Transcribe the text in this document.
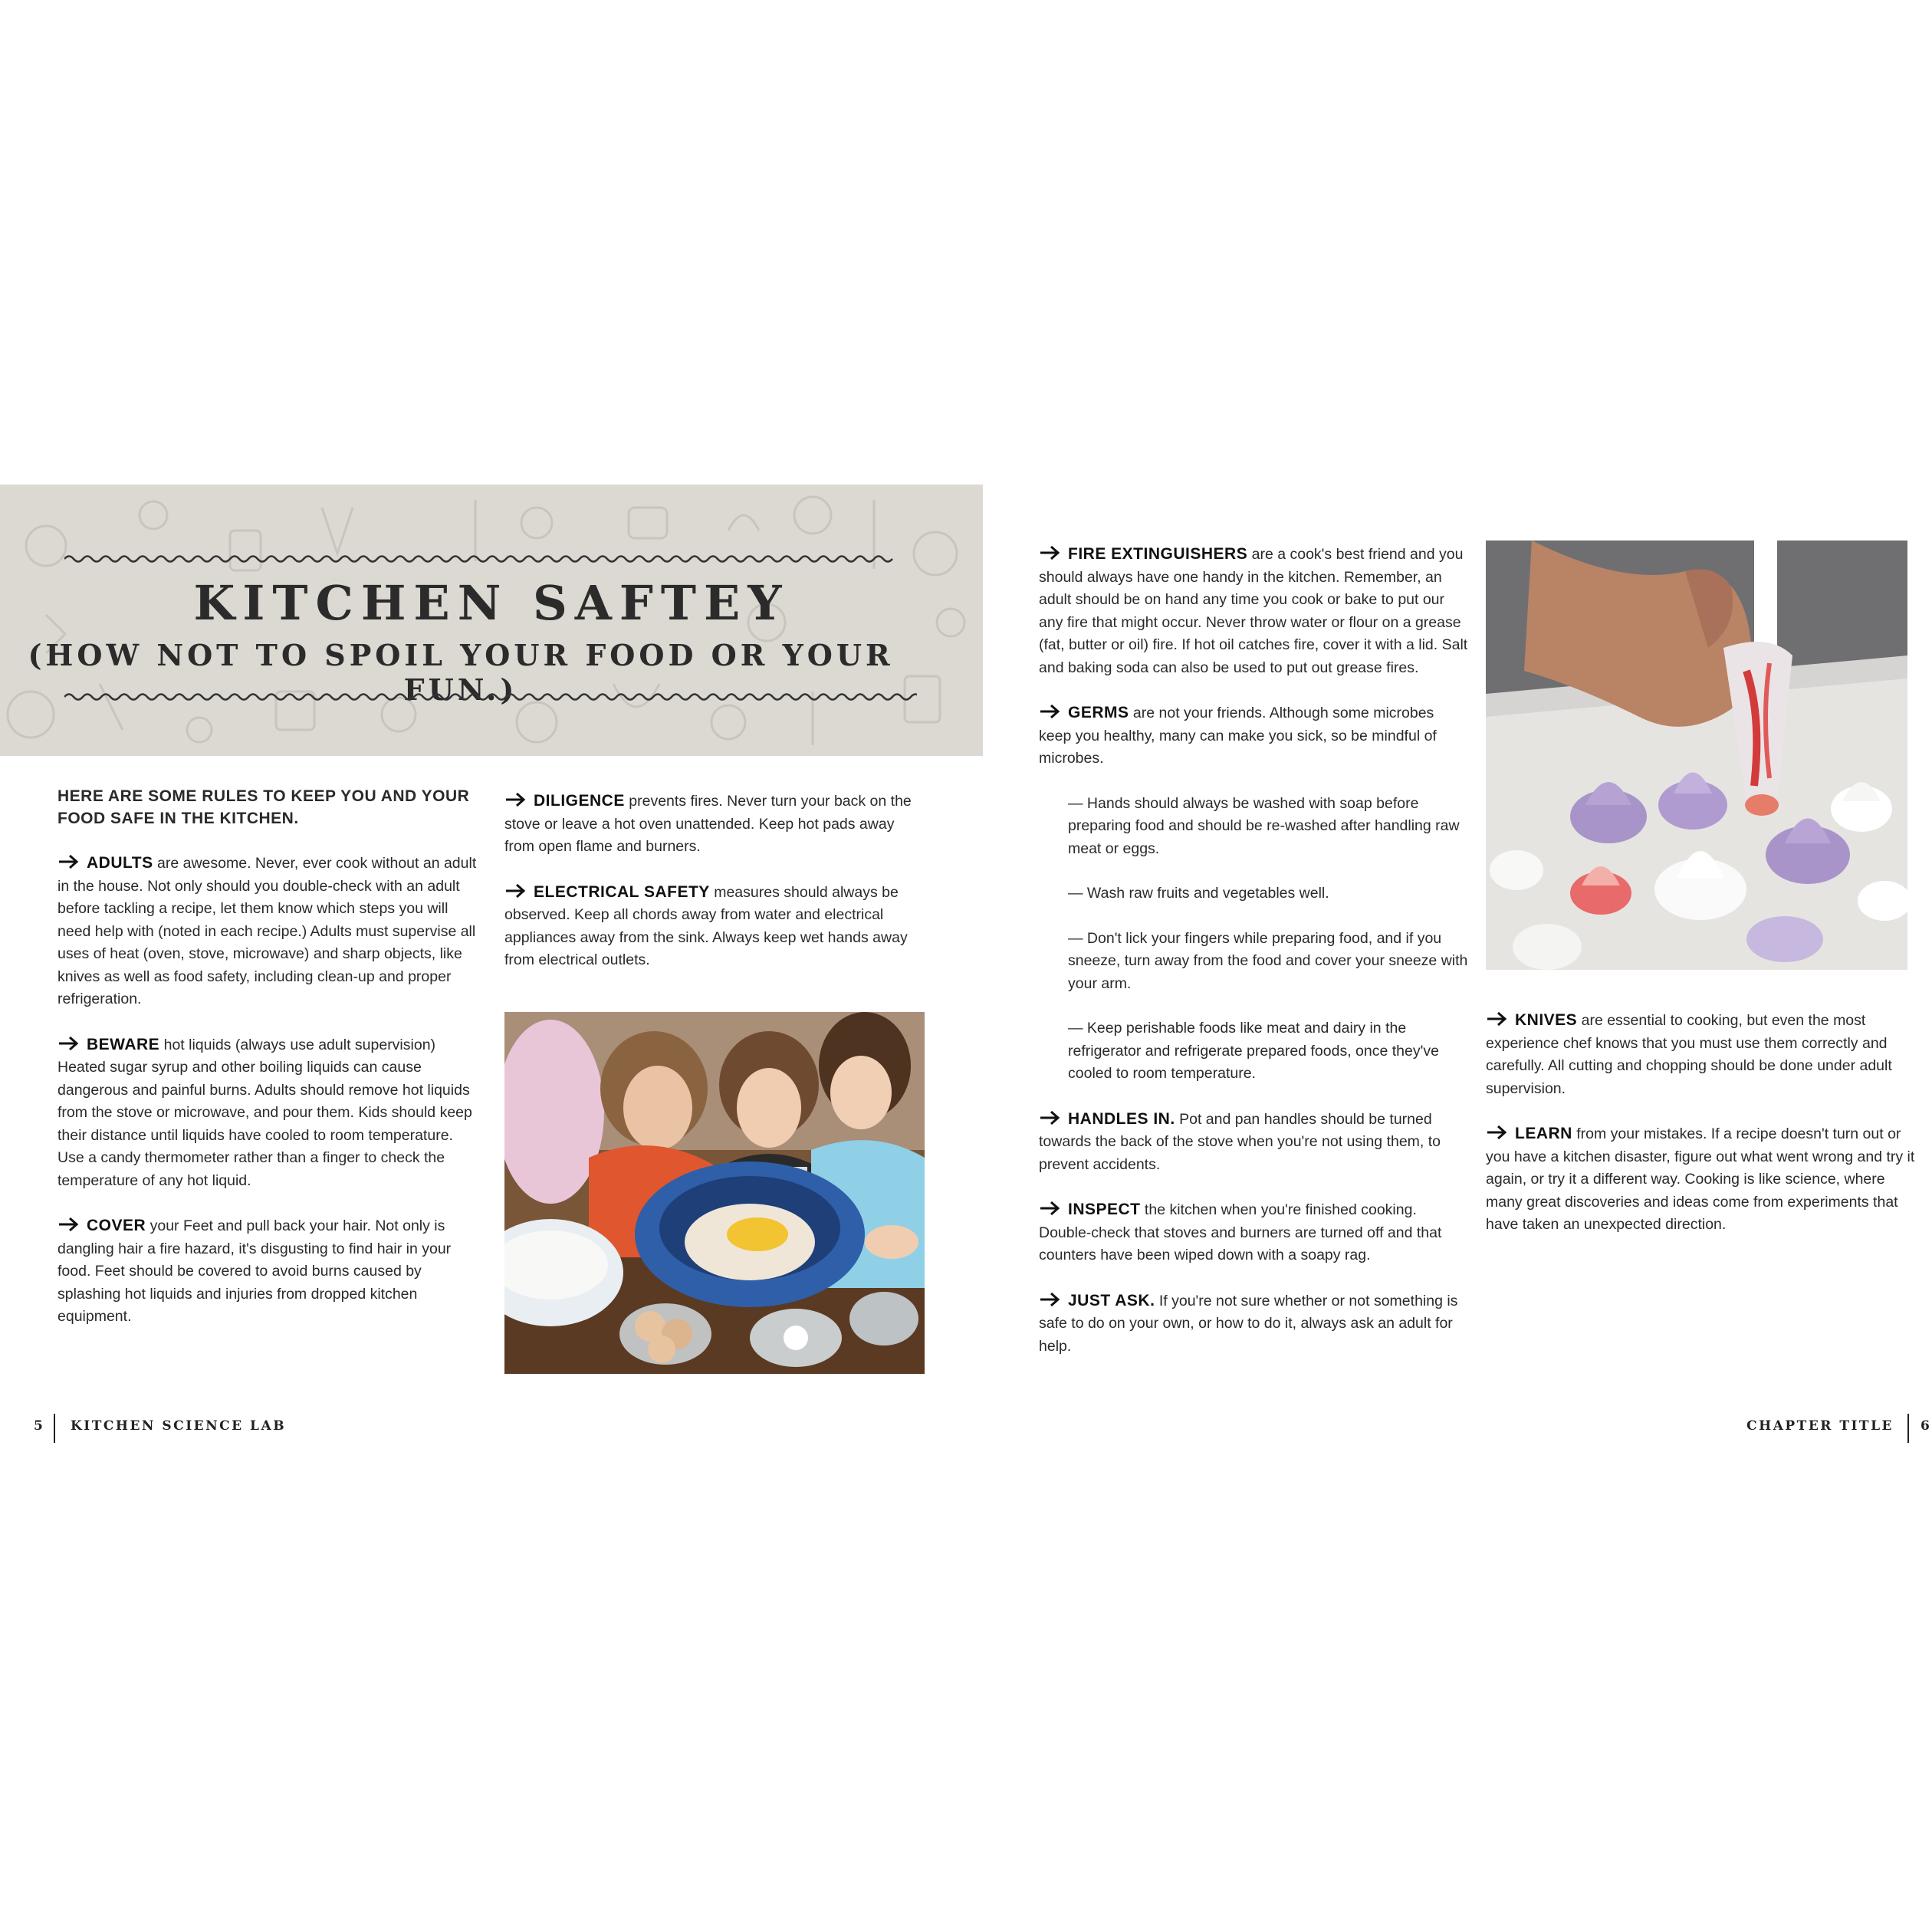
KITCHEN SAFTEY
(HOW NOT TO SPOIL YOUR FOOD OR YOUR FUN.)

HERE ARE SOME RULES TO KEEP YOU AND YOUR FOOD SAFE IN THE KITCHEN.

ADULTS are awesome. Never, ever cook without an adult in the house. Not only should you double-check with an adult before tackling a recipe, let them know which steps you will need help with (noted in each recipe.) Adults must supervise all uses of heat (oven, stove, microwave) and sharp objects, like knives as well as food safety, including clean-up and proper refrigeration.

BEWARE hot liquids (always use adult supervision) Heated sugar syrup and other boiling liquids can cause dangerous and painful burns. Adults should remove hot liquids from the stove or microwave, and pour them. Kids should keep their distance until liquids have cooled to room temperature. Use a candy thermometer rather than a finger to check the temperature of any hot liquid.

COVER your Feet and pull back your hair. Not only is dangling hair a fire hazard, it's disgusting to find hair in your food. Feet should be covered to avoid burns caused by splashing hot liquids and injuries from dropped kitchen equipment.

DILIGENCE prevents fires. Never turn your back on the stove or leave a hot oven unattended. Keep hot pads away from open flame and burners.

ELECTRICAL SAFETY measures should always be observed. Keep all chords away from water and electrical appliances away from the sink. Always keep wet hands away from electrical outlets.

FIRE EXTINGUISHERS are a cook's best friend and you should always have one handy in the kitchen. Remember, an adult should be on hand any time you cook or bake to put our any fire that might occur. Never throw water or flour on a grease (fat, butter or oil) fire. If hot oil catches fire, cover it with a lid. Salt and baking soda can also be used to put out grease fires.

GERMS are not your friends. Although some microbes keep you healthy, many can make you sick, so be mindful of microbes.

— Hands should always be washed with soap before preparing food and should be re-washed after handling raw meat or eggs.

— Wash raw fruits and vegetables well.

— Don't lick your fingers while preparing food, and if you sneeze, turn away from the food and cover your sneeze with your arm.

— Keep perishable foods like meat and dairy in the refrigerator and refrigerate prepared foods, once they've cooled to room temperature.

HANDLES IN. Pot and pan handles should be turned towards the back of the stove when you're not using them, to prevent accidents.

INSPECT the kitchen when you're finished cooking. Double-check that stoves and burners are turned off and that counters have been wiped down with a soapy rag.

JUST ASK. If you're not sure whether or not something is safe to do on your own, or how to do it, always ask an adult for help.

KNIVES are essential to cooking, but even the most experience chef knows that you must use them correctly and carefully. All cutting and chopping should be done under adult supervision.

LEARN from your mistakes. If a recipe doesn't turn out or you have a kitchen disaster, figure out what went wrong and try it again, or try it a different way. Cooking is like science, where many great discoveries and ideas come from experiments that have taken an unexpected direction.

5 KITCHEN SCIENCE LAB	CHAPTER TITLE 6
